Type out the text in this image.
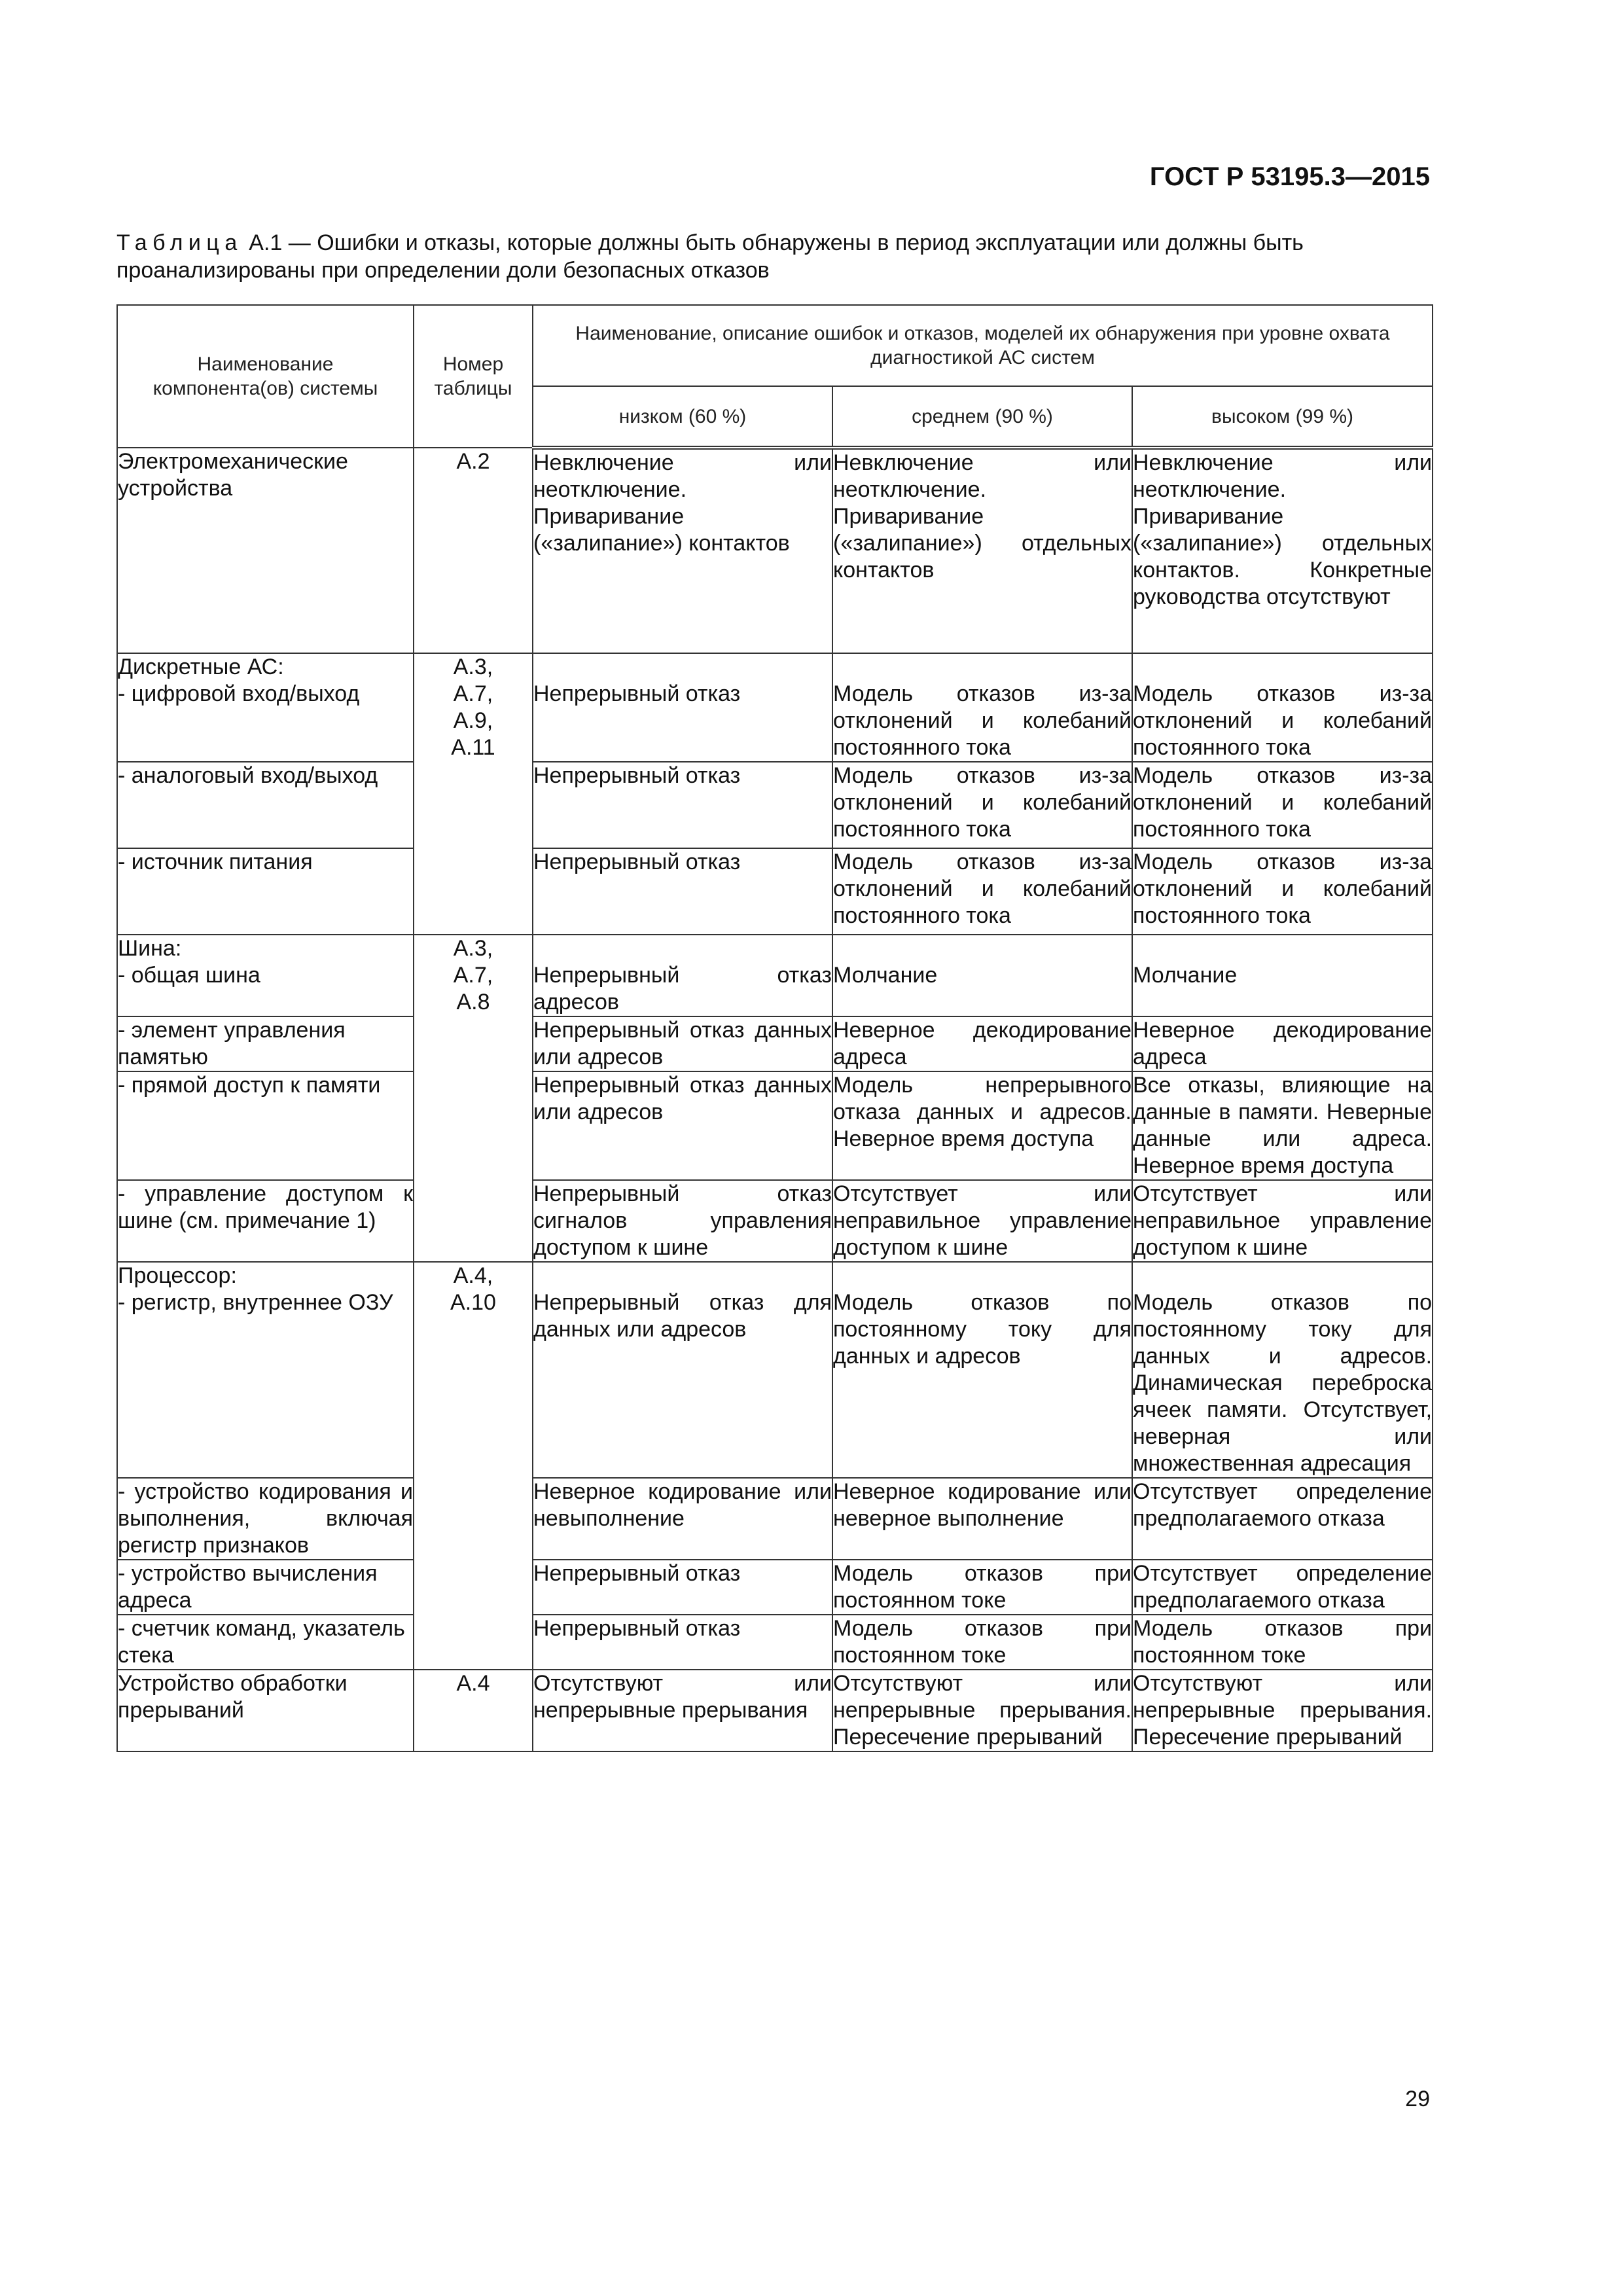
ГОСТ Р 53195.3—2015
Таблица А.1 — Ошибки и отказы, которые должны быть обнаружены в период эксплуатации или должны быть проанализированы при определении доли безопасных отказов
Наименование компонента(ов) системы	Номер таблицы	Наименование, описание ошибок и отказов, моделей их обнаружения при уровне охвата диагностикой АС систем		
		низком (60 %)	среднем (90 %)	высоком (99 %)
Электромеханические устройства	А.2	Невключение или неотключение. Приваривание («залипание») контактов	Невключение или неотключение. Приваривание («залипание») отдельных контактов	Невключение или неотключение. Приваривание («залипание») отдельных контактов. Конкретные руководства отсутствуют

Дискретные АС:
- цифровой вход/выход	А.3, А.7, А.9, А.11	Непрерывный отказ	Модель отказов из-за отклонений и колебаний постоянного тока	Модель отказов из-за отклонений и колебаний постоянного тока
- аналоговый вход/выход		Непрерывный отказ	Модель отказов из-за отклонений и колебаний постоянного тока	Модель отказов из-за отклонений и колебаний постоянного тока
- источник питания		Непрерывный отказ	Модель отказов из-за отклонений и колебаний постоянного тока	Модель отказов из-за отклонений и колебаний постоянного тока

Шина:
- общая шина	А.3, А.7, А.8	Непрерывный отказ адресов	Молчание	Молчание
- элемент управления памятью		Непрерывный отказ данных или адресов	Неверное декодирование адреса	Неверное декодирование адреса
- прямой доступ к памяти		Непрерывный отказ данных или адресов	Модель непрерывного отказа данных и адресов. Неверное время доступа	Все отказы, влияющие на данные в памяти. Неверные данные или адреса. Неверное время доступа
- управление доступом к шине (см. примечание 1)		Непрерывный отказ сигналов управления доступом к шине	Отсутствует или неправильное управление доступом к шине	Отсутствует или неправильное управление доступом к шине

Процессор:
- регистр, внутреннее ОЗУ	А.4, А.10	Непрерывный отказ для данных или адресов	Модель отказов по постоянному току для данных и адресов	Модель отказов по постоянному току для данных и адресов. Динамическая переброска ячеек памяти. Отсутствует, неверная или множественная адресация
- устройство кодирования и выполнения, включая регистр признаков		Неверное кодирование или невыполнение	Неверное кодирование или неверное выполнение	Отсутствует определение предполагаемого отказа
- устройство вычисления адреса		Непрерывный отказ	Модель отказов при постоянном токе	Отсутствует определение предполагаемого отказа
- счетчик команд, указатель стека		Непрерывный отказ	Модель отказов при постоянном токе	Модель отказов при постоянном токе
Устройство обработки прерываний	А.4	Отсутствуют или непрерывные прерывания	Отсутствуют или непрерывные прерывания. Пересечение прерываний	Отсутствуют или непрерывные прерывания. Пересечение прерываний
29
